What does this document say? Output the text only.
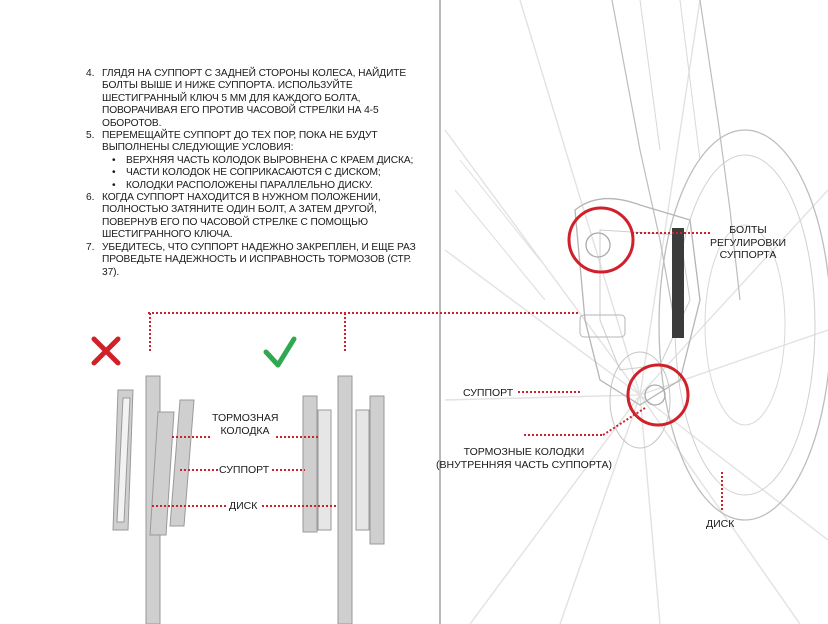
4. ГЛЯДЯ НА СУППОРТ С ЗАДНЕЙ СТОРОНЫ КОЛЕСА, НАЙДИТЕ БОЛТЫ ВЫШЕ И НИЖЕ СУППОРТА. ИСПОЛЬЗУЙТЕ ШЕСТИГРАННЫЙ КЛЮЧ 5 ММ ДЛЯ КАЖДОГО БОЛТА, ПОВОРАЧИВАЯ ЕГО ПРОТИВ ЧАСОВОЙ СТРЕЛКИ НА 4-5 ОБОРОТОВ.
5. ПЕРЕМЕЩАЙТЕ СУППОРТ ДО ТЕХ ПОР, ПОКА НЕ БУДУТ ВЫПОЛНЕНЫ СЛЕДУЮЩИЕ УСЛОВИЯ:
• ВЕРХНЯЯ ЧАСТЬ КОЛОДОК ВЫРОВНЕНА С КРАЕМ ДИСКА;
• ЧАСТИ КОЛОДОК НЕ СОПРИКАСАЮТСЯ С ДИСКОМ;
• КОЛОДКИ РАСПОЛОЖЕНЫ ПАРАЛЛЕЛЬНО ДИСКУ.
6. КОГДА СУППОРТ НАХОДИТСЯ В НУЖНОМ ПОЛОЖЕНИИ, ПОЛНОСТЬЮ ЗАТЯНИТЕ ОДИН БОЛТ, А ЗАТЕМ ДРУГОЙ, ПОВЕРНУВ ЕГО ПО ЧАСОВОЙ СТРЕЛКЕ С ПОМОЩЬЮ ШЕСТИГРАННОГО КЛЮЧА.
7. УБЕДИТЕСЬ, ЧТО СУППОРТ НАДЕЖНО ЗАКРЕПЛЕН, И ЕЩЕ РАЗ ПРОВЕДЬТЕ НАДЕЖНОСТЬ И ИСПРАВНОСТЬ ТОРМОЗОВ (СТР. 37).
ТОРМОЗНАЯ
КОЛОДКА
СУППОРТ
ДИСК
БОЛТЫ
РЕГУЛИРОВКИ
СУППОРТА
СУППОРТ
ТОРМОЗНЫЕ КОЛОДКИ
(ВНУТРЕННЯЯ ЧАСТЬ СУППОРТА)
ДИСК
